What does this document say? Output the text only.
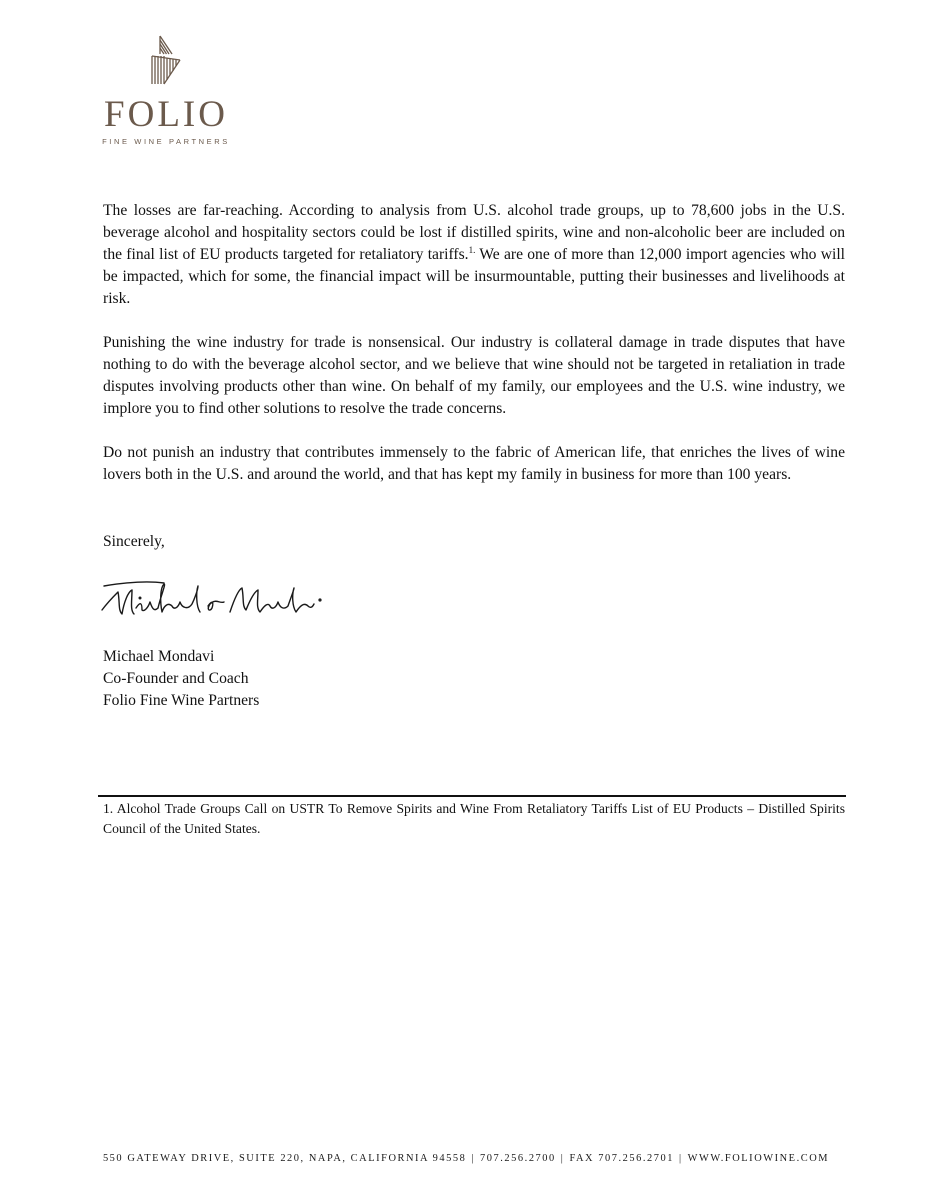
FOLIO
FINE WINE PARTNERS

The losses are far-reaching. According to analysis from U.S. alcohol trade groups, up to 78,600 jobs in the U.S. beverage alcohol and hospitality sectors could be lost if distilled spirits, wine and non-alcoholic beer are included on the final list of EU products targeted for retaliatory tariffs.$^{1.}$ We are one of more than 12,000 import agencies who will be impacted, which for some, the financial impact will be insurmountable, putting their businesses and livelihoods at risk.

Punishing the wine industry for trade is nonsensical. Our industry is collateral damage in trade disputes that have nothing to do with the beverage alcohol sector, and we believe that wine should not be targeted in retaliation in trade disputes involving products other than wine. On behalf of my family, our employees and the U.S. wine industry, we implore you to find other solutions to resolve the trade concerns.

Do not punish an industry that contributes immensely to the fabric of American life, that enriches the lives of wine lovers both in the U.S. and around the world, and that has kept my family in business for more than 100 years.

Sincerely,
Michael Mondavi
Co-Founder and Coach
Folio Fine Wine Partners
1. Alcohol Trade Groups Call on USTR To Remove Spirits and Wine From Retaliatory Tariffs List of EU Products – Distilled Spirits Council of the United States.
550 GATEWAY DRIVE, SUITE 220, NAPA, CALIFORNIA 94558 | 707.256.2700 | FAX 707.256.2701 | WWW.FOLIOWINE.COM
